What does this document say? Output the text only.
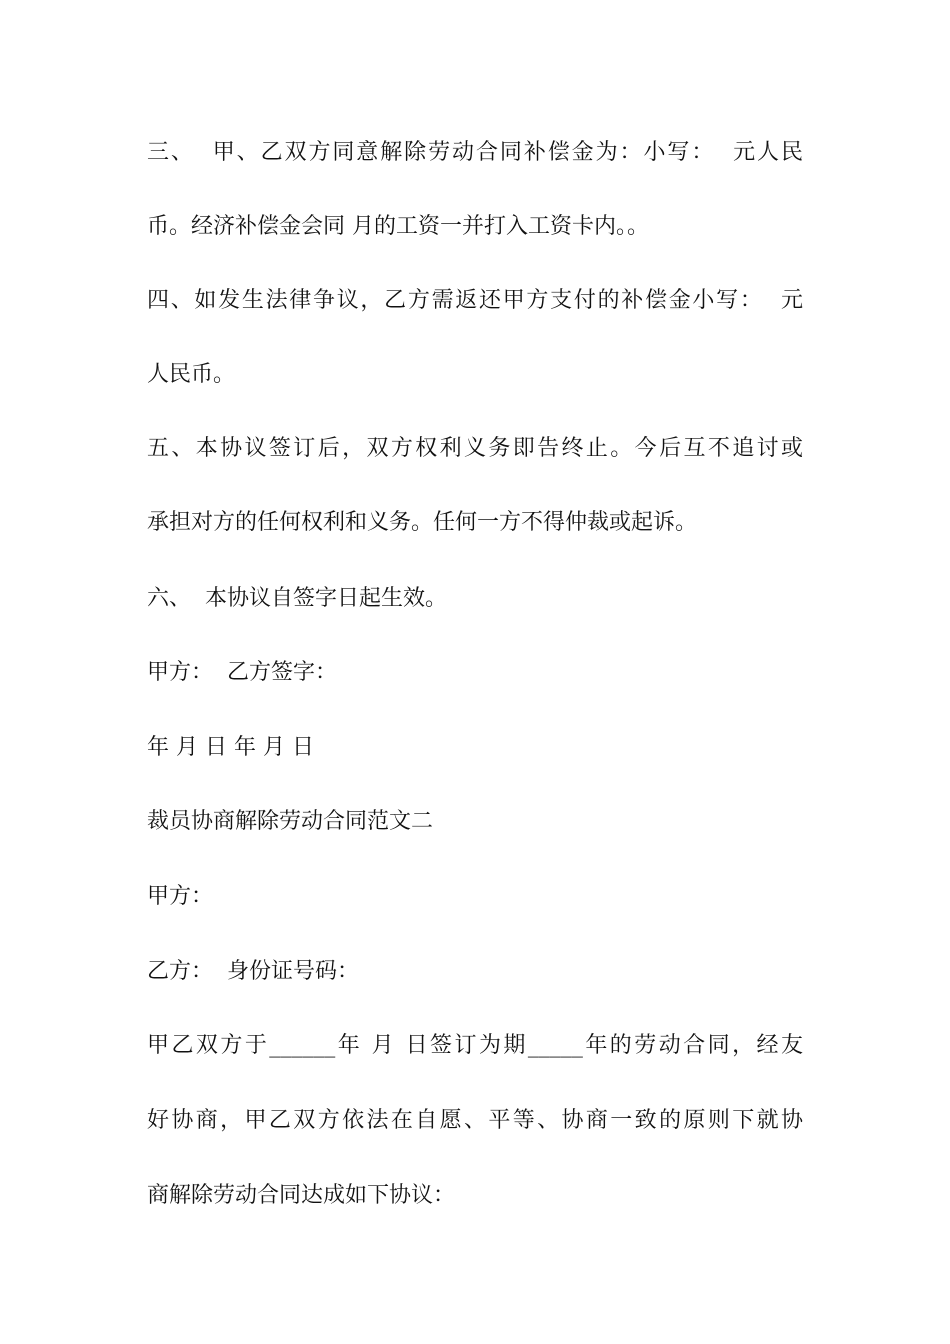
三、  甲、乙双方同意解除劳动合同补偿金为：小写：  元人民
币。经济补偿金会同 月的工资一并打入工资卡内。。
四、如发生法律争议，乙方需返还甲方支付的补偿金小写：  元
人民币。
五、本协议签订后，双方权利义务即告终止。今后互不追讨或
承担对方的任何权利和义务。任何一方不得仲裁或起诉。
六、  本协议自签字日起生效。
甲方：  乙方签字：
年 月 日 年 月 日
裁员协商解除劳动合同范文二
甲方：
乙方：  身份证号码：
甲乙双方于______年 月 日签订为期_____年的劳动合同，经友
好协商，甲乙双方依法在自愿、平等、协商一致的原则下就协
商解除劳动合同达成如下协议：
